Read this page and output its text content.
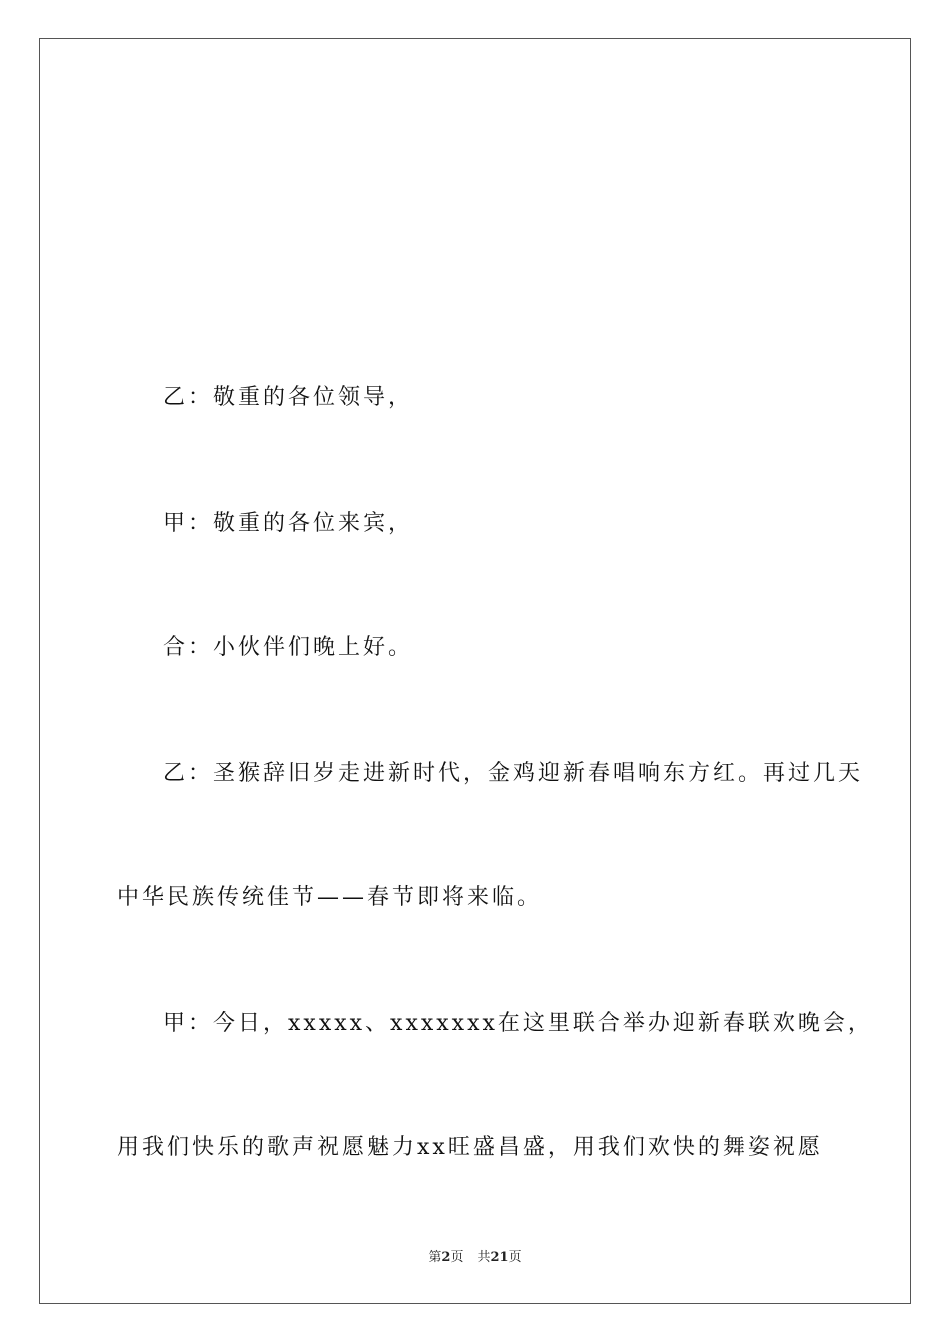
乙：敬重的各位领导，
甲：敬重的各位来宾，
合：小伙伴们晚上好。
乙：圣猴辞旧岁走进新时代，金鸡迎新春唱响东方红。再过几天
中华民族传统佳节——春节即将来临。
甲：今日，xxxxx、xxxxxxx在这里联合举办迎新春联欢晚会，
用我们快乐的歌声祝愿魅力xx旺盛昌盛，用我们欢快的舞姿祝愿
第2页 共21页
